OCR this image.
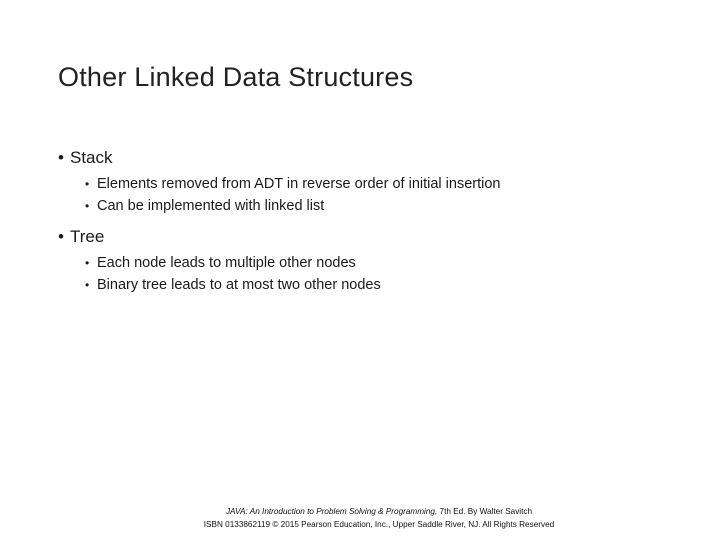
Other Linked Data Structures
• Stack
• Elements removed from ADT in reverse order of initial insertion
• Can be implemented with linked list
• Tree
• Each node leads to multiple other nodes
• Binary tree leads to at most two other nodes
JAVA: An Introduction to Problem Solving & Programming, 7th Ed. By Walter Savitch
ISBN 0133862119 © 2015 Pearson Education, Inc., Upper Saddle River, NJ. All Rights Reserved
